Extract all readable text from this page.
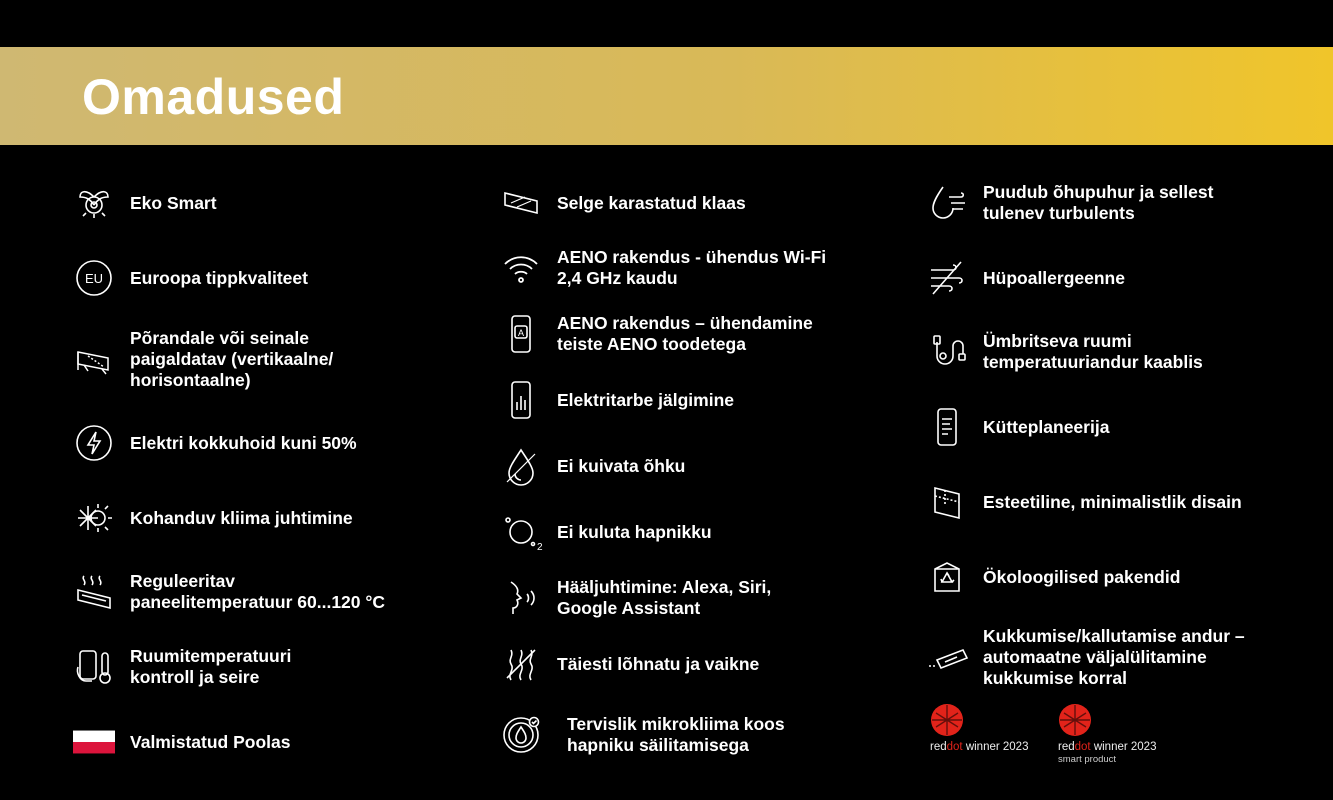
Omadused
Eko Smart
EU Euroopa tippkvaliteet
Põrandale või seinale
paigaldatav (vertikaalne/
horisontaalne)
Elektri kokkuhoid kuni 50%
Kohanduv kliima juhtimine
Reguleeritav
paneelitemperatuur 60...120 °C
Ruumitemperatuuri
kontroll ja seire
Valmistatud Poolas
Selge karastatud klaas
AENO rakendus - ühendus Wi-Fi
2,4 GHz kaudu
A AENO rakendus – ühendamine
teiste AENO toodetega
Elektritarbe jälgimine
Ei kuivata õhku
2
Ei kuluta hapnikku
Hääljuhtimine: Alexa, Siri,
Google Assistant
Täiesti lõhnatu ja vaikne
Tervislik mikrokliima koos
hapniku säilitamisega
Puudub õhupuhur ja sellest
tulenev turbulents
Hüpoallergeenne
Ümbritseva ruumi
temperatuuriandur kaablis
Kütteplaneerija
Esteetiline, minimalistlik disain
Ökoloogilised pakendid
Kukkumise/kallutamise andur –
automaatne väljalülitamine
kukkumise korral
reddot winner 2023	reddot winner 2023
smart product
